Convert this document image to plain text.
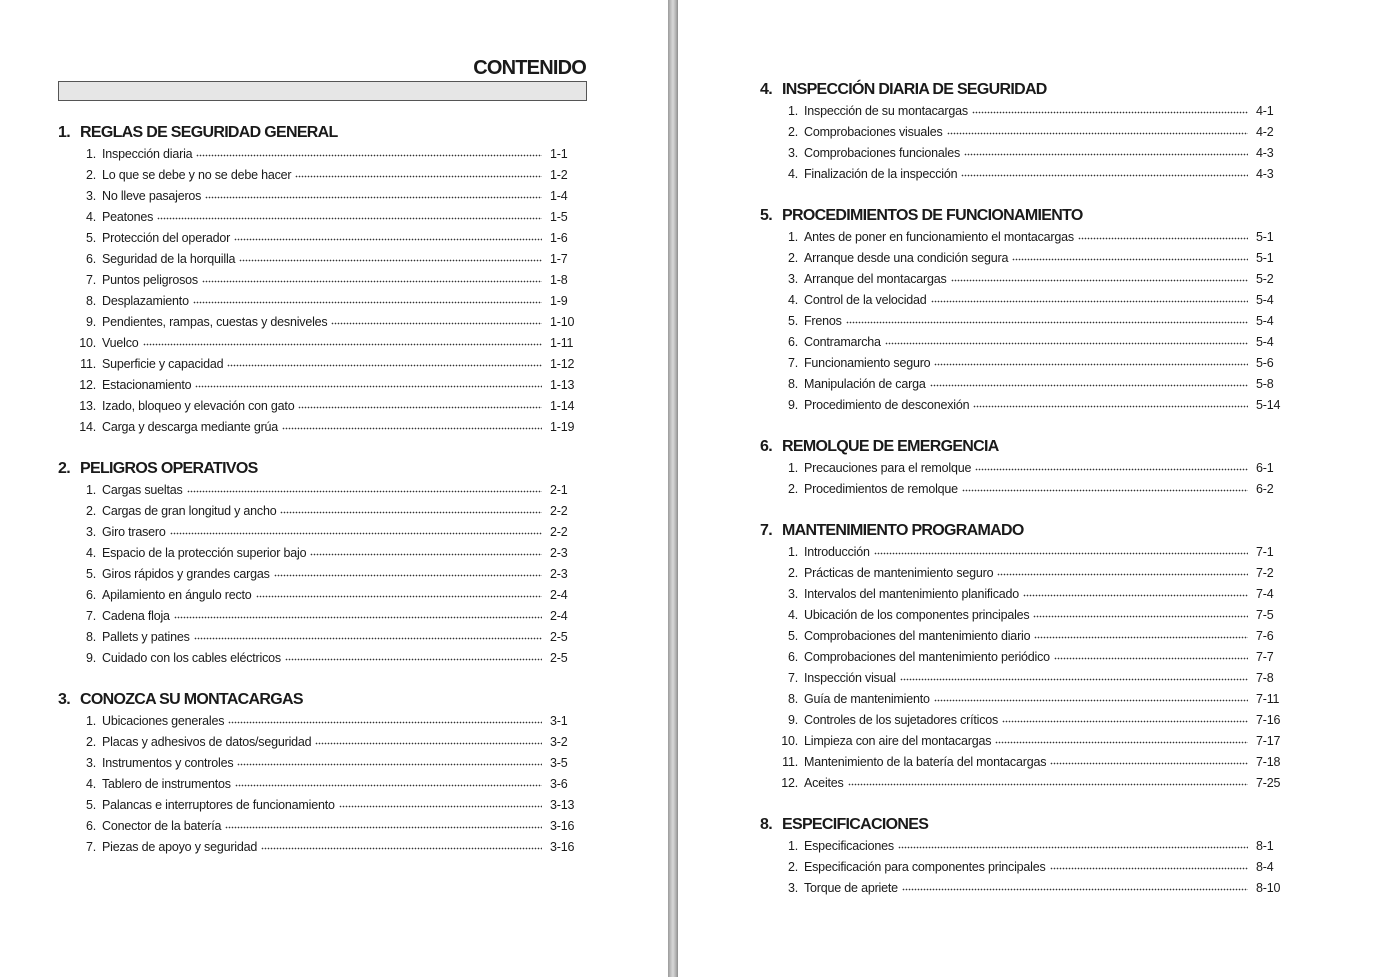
CONTENIDO
1. REGLAS DE SEGURIDAD GENERAL
1. Inspección diaria	1-1
2. Lo que se debe y no se debe hacer	1-2
3. No lleve pasajeros	1-4
4. Peatones	1-5
5. Protección del operador	1-6
6. Seguridad de la horquilla	1-7
7. Puntos peligrosos	1-8
8. Desplazamiento	1-9
9. Pendientes, rampas, cuestas y desniveles	1-10
10. Vuelco	1-11
11. Superficie y capacidad	1-12
12. Estacionamiento	1-13
13. Izado, bloqueo y elevación con gato	1-14
14. Carga y descarga mediante grúa	1-19
2. PELIGROS OPERATIVOS
1. Cargas sueltas	2-1
2. Cargas de gran longitud y ancho	2-2
3. Giro trasero	2-2
4. Espacio de la protección superior bajo	2-3
5. Giros rápidos y grandes cargas	2-3
6. Apilamiento en ángulo recto	2-4
7. Cadena floja	2-4
8. Pallets y patines	2-5
9. Cuidado con los cables eléctricos	2-5
3. CONOZCA SU MONTACARGAS
1. Ubicaciones generales	3-1
2. Placas y adhesivos de datos/seguridad	3-2
3. Instrumentos y controles	3-5
4. Tablero de instrumentos	3-6
5. Palancas e interruptores de funcionamiento	3-13
6. Conector de la batería	3-16
7. Piezas de apoyo y seguridad	3-16
4. INSPECCIÓN DIARIA DE SEGURIDAD
1. Inspección de su montacargas	4-1
2. Comprobaciones visuales	4-2
3. Comprobaciones funcionales	4-3
4. Finalización de la inspección	4-3
5. PROCEDIMIENTOS DE FUNCIONAMIENTO
1. Antes de poner en funcionamiento el montacargas	5-1
2. Arranque desde una condición segura	5-1
3. Arranque del montacargas	5-2
4. Control de la velocidad	5-4
5. Frenos	5-4
6. Contramarcha	5-4
7. Funcionamiento seguro	5-6
8. Manipulación de carga	5-8
9. Procedimiento de desconexión	5-14
6. REMOLQUE DE EMERGENCIA
1. Precauciones para el remolque	6-1
2. Procedimientos de remolque	6-2
7. MANTENIMIENTO PROGRAMADO
1. Introducción	7-1
2. Prácticas de mantenimiento seguro	7-2
3. Intervalos del mantenimiento planificado	7-4
4. Ubicación de los componentes principales	7-5
5. Comprobaciones del mantenimiento diario	7-6
6. Comprobaciones del mantenimiento periódico	7-7
7. Inspección visual	7-8
8. Guía de mantenimiento	7-11
9. Controles de los sujetadores críticos	7-16
10. Limpieza con aire del montacargas	7-17
11. Mantenimiento de la batería del montacargas	7-18
12. Aceites	7-25
8. ESPECIFICACIONES
1. Especificaciones	8-1
2. Especificación para componentes principales	8-4
3. Torque de apriete	8-10
